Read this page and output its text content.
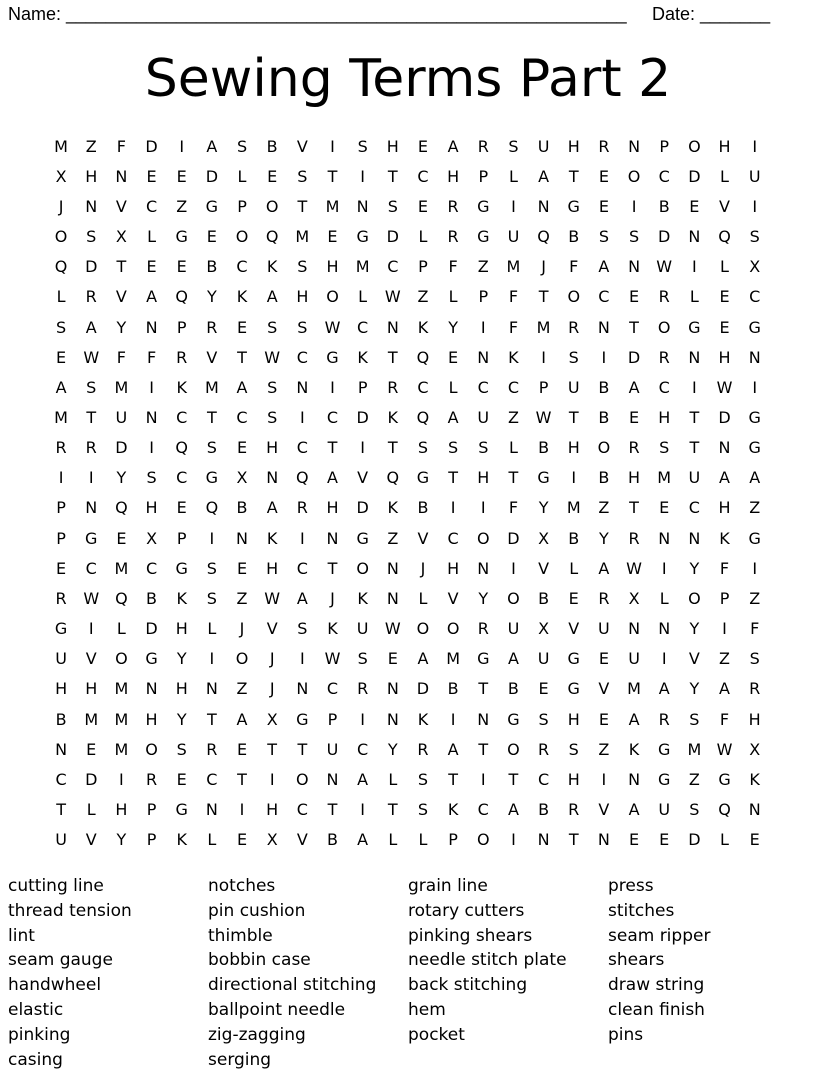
Name: ________________________________________________________ Date: _______
Sewing Terms Part 2
M	Z	F	D	I	A	S	B	V	I	S	H	E	A	R	S	U	H	R	N	P	O	H	I
X	H	N	E	E	D	L	E	S	T	I	T	C	H	P	L	A	T	E	O	C	D	L	U
J	N	V	C	Z	G	P	O	T	M	N	S	E	R	G	I	N	G	E	I	B	E	V	I
O	S	X	L	G	E	O	Q	M	E	G	D	L	R	G	U	Q	B	S	S	D	N	Q	S
Q	D	T	E	E	B	C	K	S	H	M	C	P	F	Z	M	J	F	A	N	W	I	L	X
L	R	V	A	Q	Y	K	A	H	O	L	W	Z	L	P	F	T	O	C	E	R	L	E	C
S	A	Y	N	P	R	E	S	S	W	C	N	K	Y	I	F	M	R	N	T	O	G	E	G
E	W	F	F	R	V	T	W	C	G	K	T	Q	E	N	K	I	S	I	D	R	N	H	N
A	S	M	I	K	M	A	S	N	I	P	R	C	L	C	C	P	U	B	A	C	I	W	I
M	T	U	N	C	T	C	S	I	C	D	K	Q	A	U	Z	W	T	B	E	H	T	D	G
R	R	D	I	Q	S	E	H	C	T	I	T	S	S	S	L	B	H	O	R	S	T	N	G
I	I	Y	S	C	G	X	N	Q	A	V	Q	G	T	H	T	G	I	B	H	M	U	A	A
P	N	Q	H	E	Q	B	A	R	H	D	K	B	I	I	F	Y	M	Z	T	E	C	H	Z
P	G	E	X	P	I	N	K	I	N	G	Z	V	C	O	D	X	B	Y	R	N	N	K	G
E	C	M	C	G	S	E	H	C	T	O	N	J	H	N	I	V	L	A	W	I	Y	F	I
R	W Q	B	K	S	Z	W	A	J	K	N	L	V	Y	O	B	E	R	X	L	O	P	Z
G	I	L	D	H	L	J	V	S	K	U	W O	O	R	U	X	V	U	N	N	Y	I	F
U	V	O	G	Y	I	O	J	I	W	S	E	A	M	G	A	U	G	E	U	I	V	Z	S
H	H	M	N	H	N	Z	J	N	C	R	N	D	B	T	B	E	G	V	M	A	Y	A	R
B	M	M	H	Y	T	A	X	G	P	I	N	K	I	N	G	S	H	E	A	R	S	F	H
N	E	M	O	S	R	E	T	T	U	C	Y	R	A	T	O	R	S	Z	K	G	M W	X
C	D	I	R	E	C	T	I	O	N	A	L	S	T	I	T	C	H	I	N	G	Z	G	K
T	L	H	P	G	N	I	H	C	T	I	T	S	K	C	A	B	R	V	A	U	S	Q	N
U	V	Y	P	K	L	E	X	V	B	A	L	L	P	O	I	N	T	N	E	E	D	L	E
cutting line
thread tension
lint
seam gauge
handwheel
elastic
pinking
casing
notches
pin cushion
thimble
bobbin case
directional stitching
ballpoint needle
zig-zagging
serging
grain line
rotary cutters
pinking shears
needle stitch plate
back stitching
hem
pocket
press
stitches
seam ripper
shears
draw string
clean finish
pins
